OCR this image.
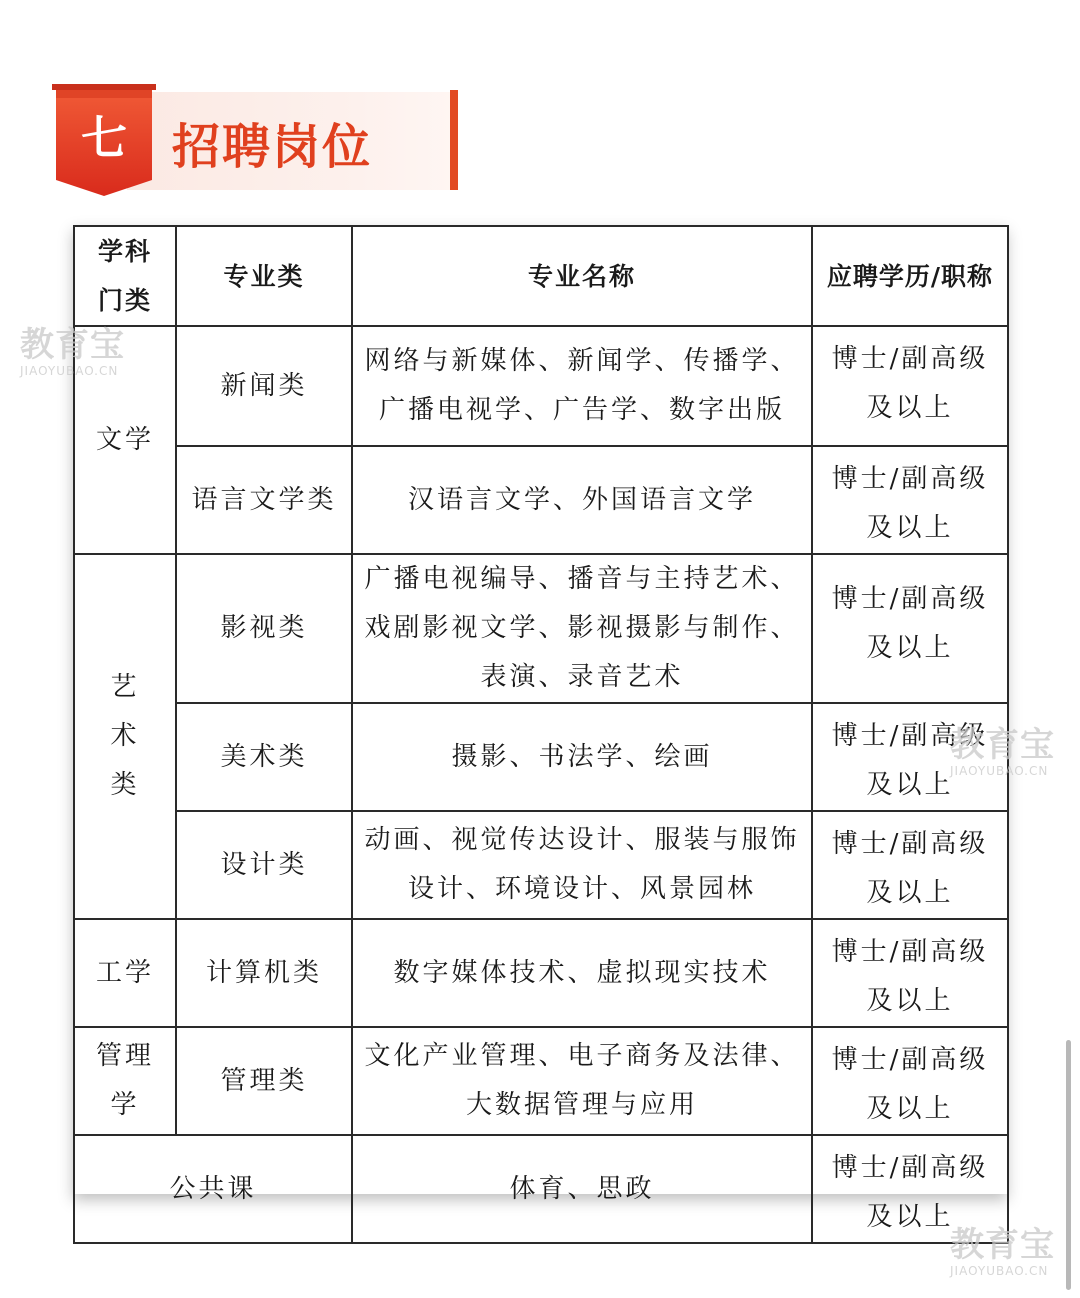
七 招聘岗位
学科门类	专业类	专业名称	应聘学历/职称
文学	新闻类	网络与新媒体、新闻学、传播学、广播电视学、广告学、数字出版	博士/副高级及以上
	语言文学类	汉语言文学、外国语言文学	博士/副高级及以上
艺术类	影视类	广播电视编导、播音与主持艺术、戏剧影视文学、影视摄影与制作、表演、录音艺术	博士/副高级及以上
	美术类	摄影、书法学、绘画	博士/副高级及以上
	设计类	动画、视觉传达设计、服装与服饰设计、环境设计、风景园林	博士/副高级及以上
工学	计算机类	数字媒体技术、虚拟现实技术	博士/副高级及以上
管理学	管理类	文化产业管理、电子商务及法律、大数据管理与应用	博士/副高级及以上
公共课		体育、思政	博士/副高级及以上
教育宝
JIAOYUBAO.CN
教育宝
JIAOYUBAO.CN
教育宝
JIAOYUBAO.CN
